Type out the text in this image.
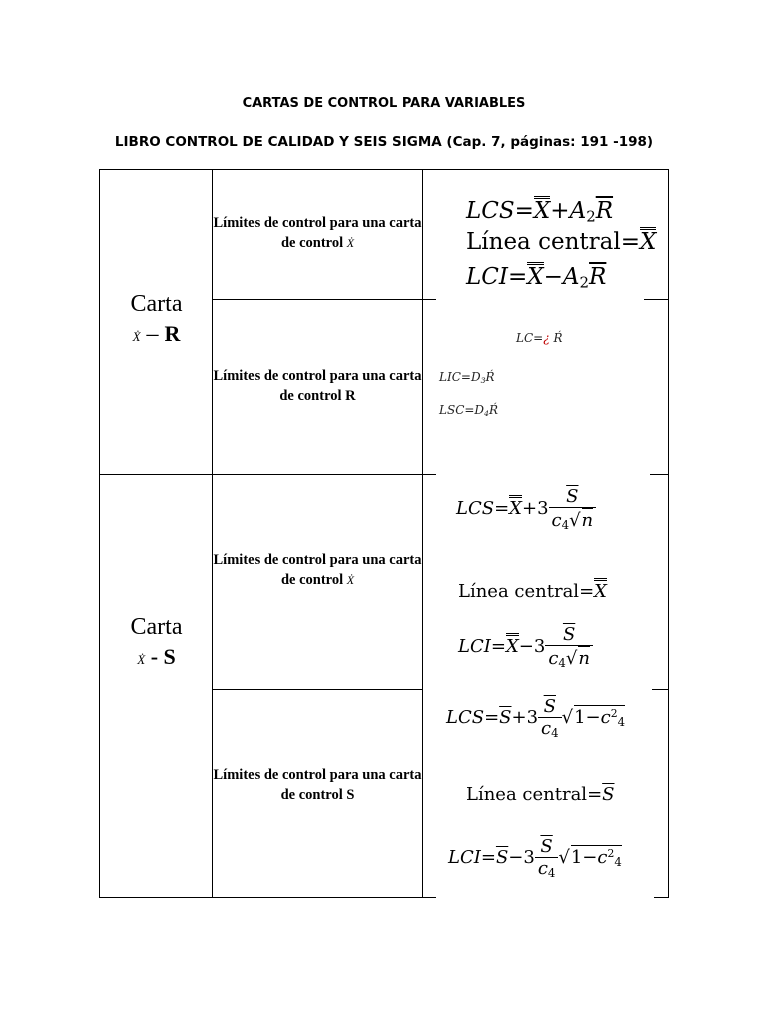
CARTAS DE CONTROL PARA VARIABLES
LIBRO CONTROL DE CALIDAD Y SEIS SIGMA (Cap. 7, páginas: 191 -198)
Carta
Ẋ – R
Límites de control para una carta de control Ẋ
Límites de control para una carta de control R
$LCS=X+A_2\overline{R}$
Línea central=X
$LCI=X-A_2\overline{R}$
LC=¿ Ŕ
$LIC=D_3Ŕ$
$LSC=D_4Ŕ$
Carta
Ẋ - S
Límites de control para una carta de control Ẋ
Límites de control para una carta de control S
$LCS=X+3 \frac{\overline{S}}{c_4√n}$
Línea central=X
$LCI=X-3 \frac{\overline{S}}{c_4√n}$
$LCS=\overline{S}+3 \frac{\overline{S}}{c_4} √1-c^2_4$
Línea $central=\overline{S}$
$LCI=\overline{S}-3 \frac{\overline{S}}{c_4} √1-c^2_4$
